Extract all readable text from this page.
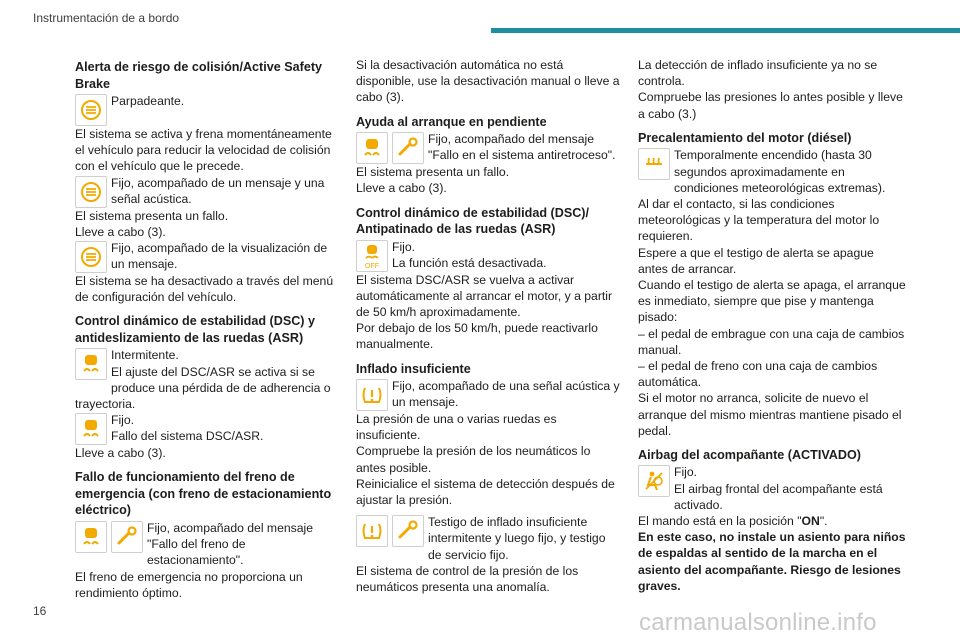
Instrumentación de a bordo
Alerta de riesgo de colisión/Active Safety Brake

Parpadeante.

El sistema se activa y frena momentáneamente el vehículo para reducir la velocidad de colisión con el vehículo que le precede.

Fijo, acompañado de un mensaje y una señal acústica.

El sistema presenta un fallo.

Lleve a cabo (3).

Fijo, acompañado de la visualización de un mensaje.

El sistema se ha desactivado a través del menú de configuración del vehículo.

Control dinámico de estabilidad (DSC) y antideslizamiento de las ruedas (ASR)

Intermitente.

El ajuste del DSC/ASR se activa si se produce una pérdida de de adherencia o trayectoria.

Fijo.

Fallo del sistema DSC/ASR.

Lleve a cabo (3).

Fallo de funcionamiento del freno de emergencia (con freno de estacionamiento eléctrico)

Fijo, acompañado del mensaje "Fallo del freno de estacionamiento".

El freno de emergencia no proporciona un rendimiento óptimo.

Si la desactivación automática no está disponible, use la desactivación manual o lleve a cabo (3).

Ayuda al arranque en pendiente

Fijo, acompañado del mensaje "Fallo en el sistema antiretroceso".

El sistema presenta un fallo.

Lleve a cabo (3).

Control dinámico de estabilidad (DSC)/ Antipatinado de las ruedas (ASR)
OFF

Fijo.

La función está desactivada.

El sistema DSC/ASR se vuelva a activar automáticamente al arrancar el motor, y a partir de 50 km/h aproximadamente.

Por debajo de los 50 km/h, puede reactivarlo manualmente.

Inflado insuficiente

Fijo, acompañado de una señal acústica y un mensaje.

La presión de una o varias ruedas es insuficiente.

Compruebe la presión de los neumáticos lo antes posible.

Reinicialice el sistema de detección después de ajustar la presión.

Testigo de inflado insuficiente intermitente y luego fijo, y testigo de servicio fijo.

El sistema de control de la presión de los neumáticos presenta una anomalía.

La detección de inflado insuficiente ya no se controla.

Compruebe las presiones lo antes posible y lleve a cabo (3.)

Precalentamiento del motor (diésel)

Temporalmente encendido (hasta 30 segundos aproximadamente en condiciones meteorológicas extremas).

Al dar el contacto, si las condiciones meteorológicas y la temperatura del motor lo requieren.

Espere a que el testigo de alerta se apague antes de arrancar.

Cuando el testigo de alerta se apaga, el arranque es inmediato, siempre que pise y mantenga pisado:

– el pedal de embrague con una caja de cambios manual.

– el pedal de freno con una caja de cambios automática.

Si el motor no arranca, solicite de nuevo el arranque del mismo mientras mantiene pisado el pedal.

Airbag del acompañante (ACTIVADO)

Fijo.

El airbag frontal del acompañante está activado.

El mando está en la posición "ON".

En este caso, no instale un asiento para niños de espaldas al sentido de la marcha en el asiento del acompañante. Riesgo de lesiones graves.

16	carmanualsonline.info
